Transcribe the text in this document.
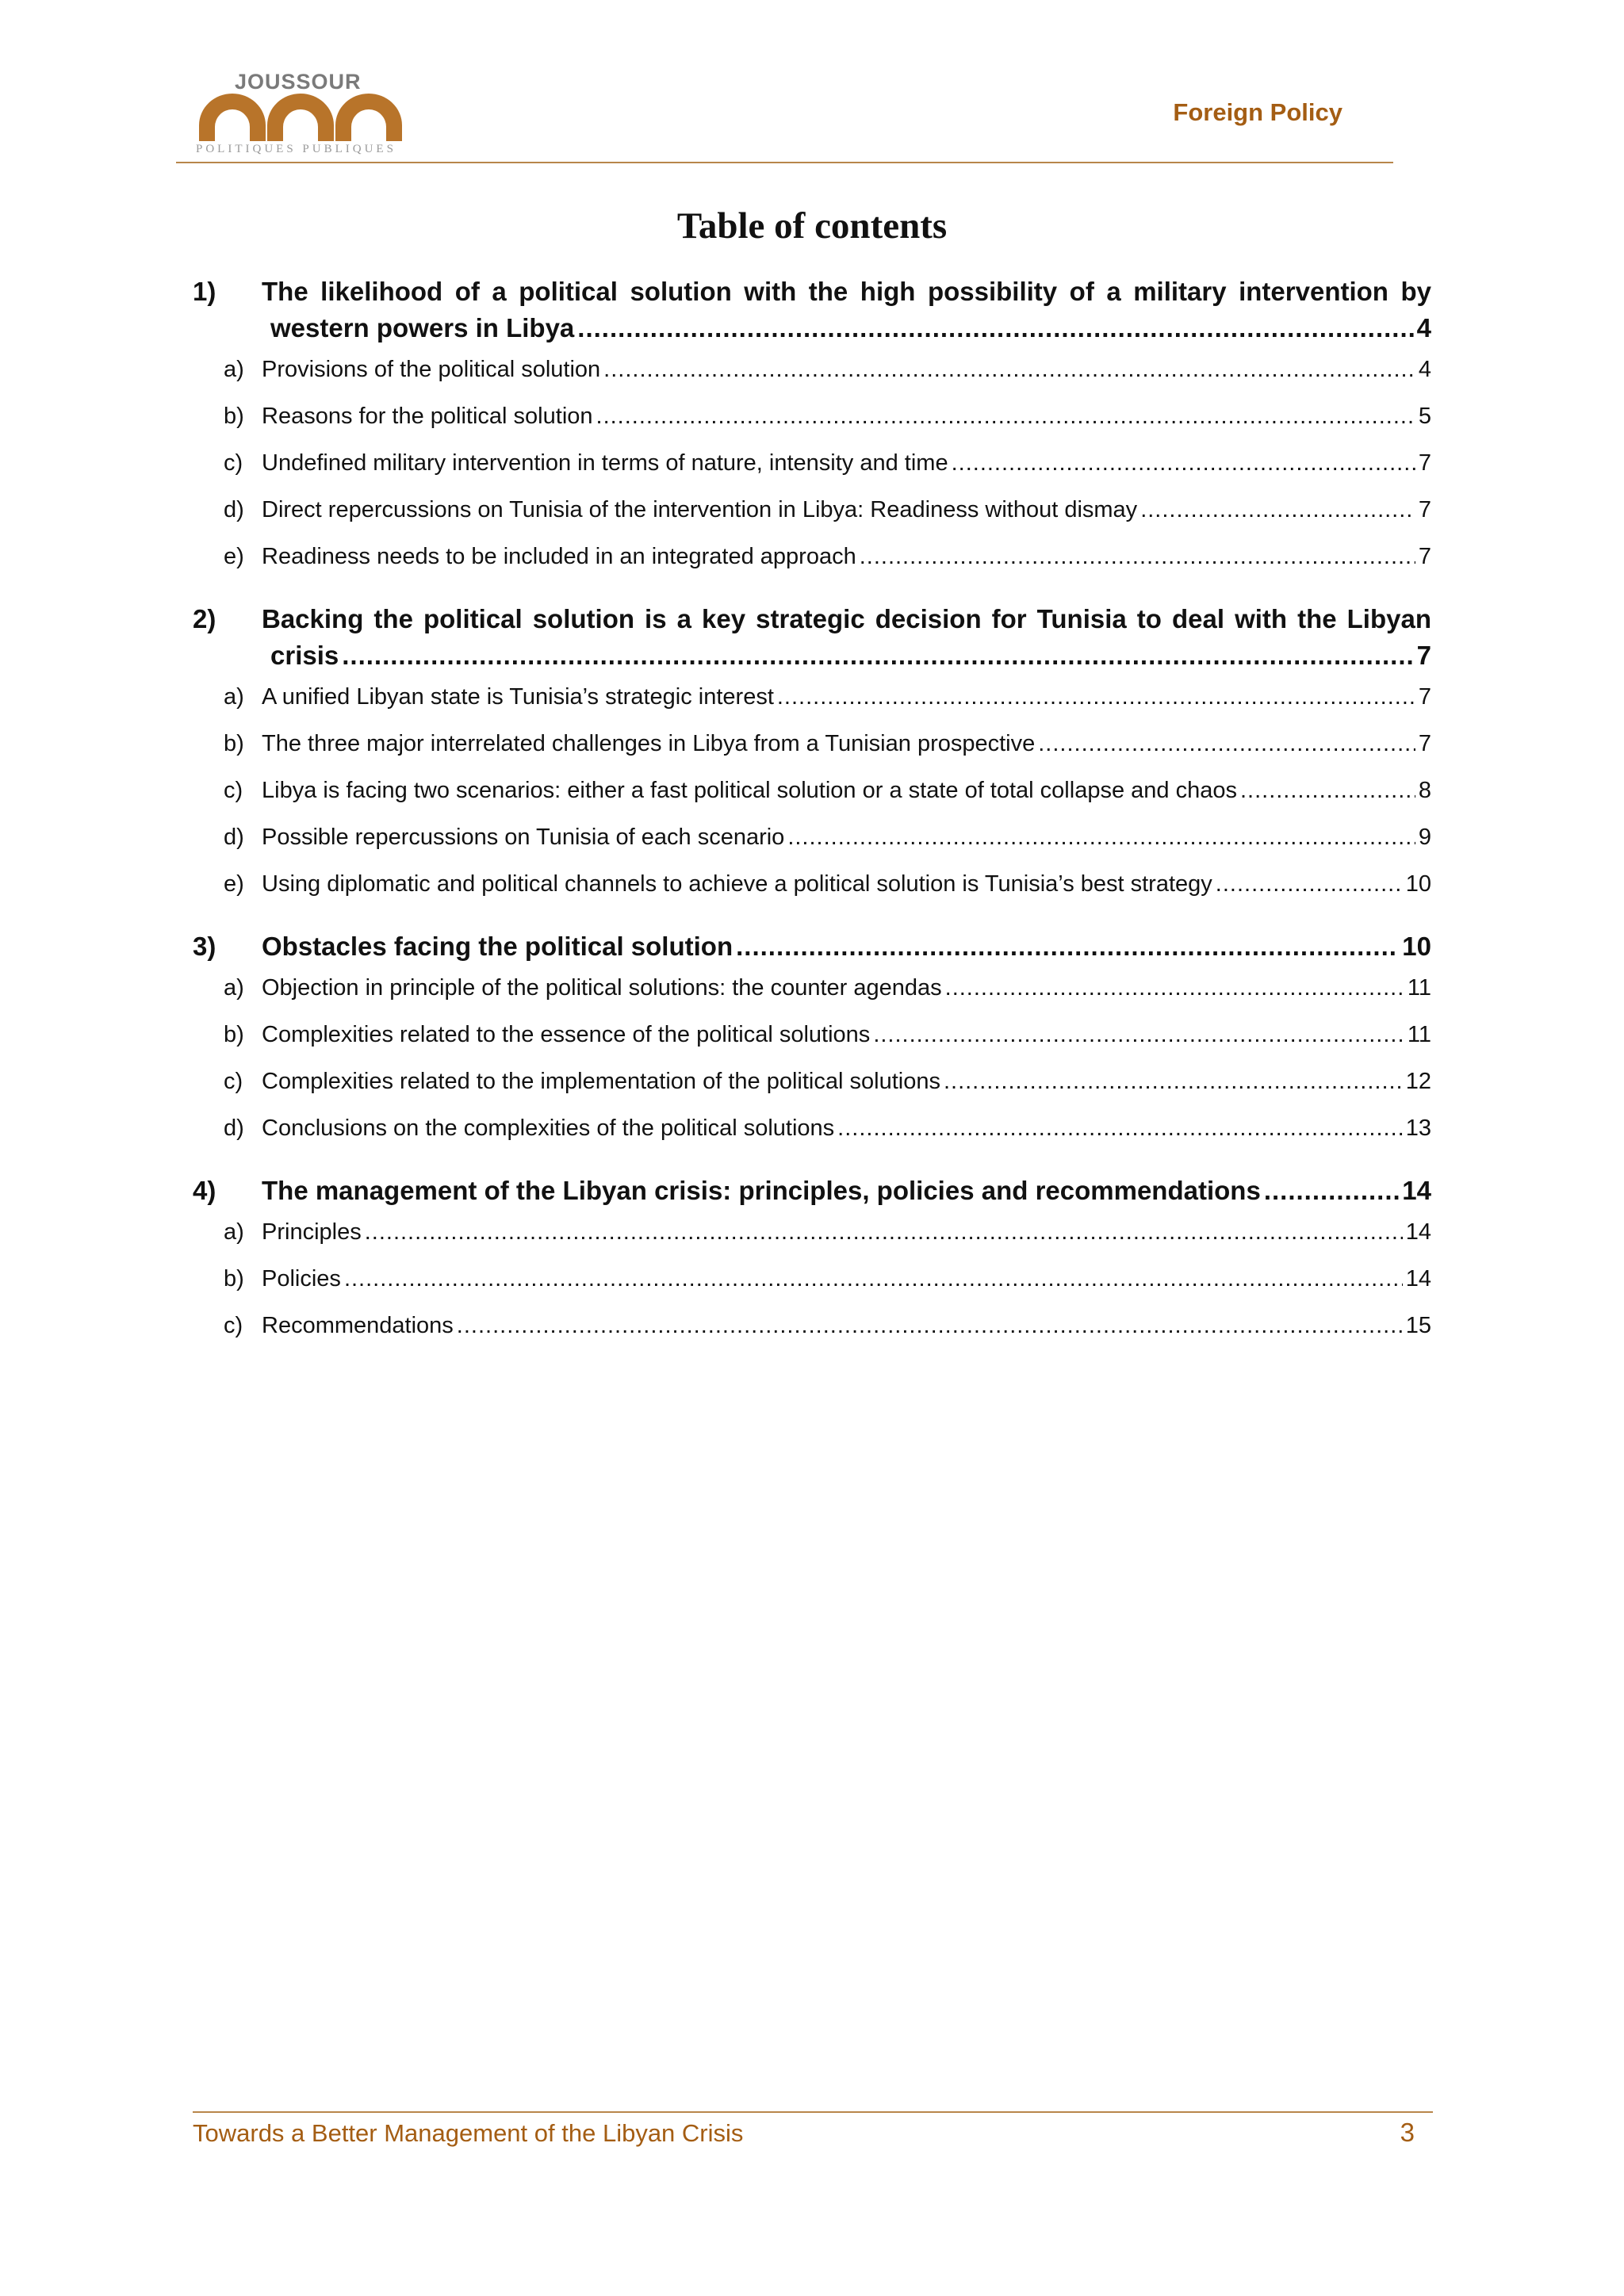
JOUSSOUR
POLITIQUES PUBLIQUES
Foreign Policy
Table of contents
1) The likelihood of a political solution with the high possibility of a military intervention by
western powers in Libya .....	4
a) Provisions of the political solution .....	4
b) Reasons for the political solution .....	5
c) Undefined military intervention in terms of nature, intensity and time .....	7
d) Direct repercussions on Tunisia of the intervention in Libya: Readiness without dismay .....	7
e) Readiness needs to be included in an integrated approach .....	7
2) Backing the political solution is a key strategic decision for Tunisia to deal with the Libyan
crisis .....	7
a) A unified Libyan state is Tunisia’s strategic interest .....	7
b) The three major interrelated challenges in Libya from a Tunisian prospective .....	7
c) Libya is facing two scenarios: either a fast political solution or a state of total collapse and chaos .....	8
d) Possible repercussions on Tunisia of each scenario .....	9
e) Using diplomatic and political channels to achieve a political solution is Tunisia’s best strategy .....	10
3) Obstacles facing the political solution .....	10
a) Objection in principle of the political solutions: the counter agendas .....	11
b) Complexities related to the essence of the political solutions .....	11
c) Complexities related to the implementation of the political solutions .....	12
d) Conclusions on the complexities of the political solutions .....	13
4) The management of the Libyan crisis: principles, policies and recommendations .....	14
a) Principles .....	14
b) Policies .....	14
c) Recommendations .....	15
Towards a Better Management of the Libyan Crisis	3
